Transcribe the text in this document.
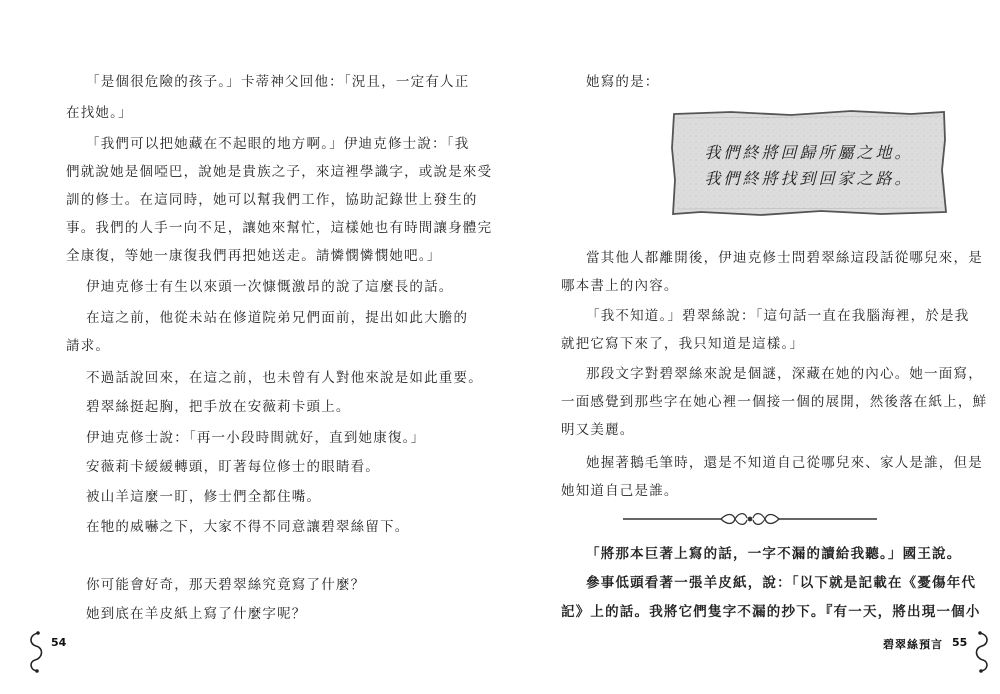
「是個很危險的孩子。」卡蒂神父回他：「況且，一定有人正

在找她。」

「我們可以把她藏在不起眼的地方啊。」伊迪克修士說：「我

們就說她是個啞巴，說她是貴族之子，來這裡學識字，或說是來受

訓的修士。在這同時，她可以幫我們工作，協助記錄世上發生的

事。我們的人手一向不足，讓她來幫忙，這樣她也有時間讓身體完

全康復，等她一康復我們再把她送走。請憐憫憐憫她吧。」

伊迪克修士有生以來頭一次慷慨激昂的說了這麼長的話。

在這之前，他從未站在修道院弟兄們面前，提出如此大膽的

請求。

不過話說回來，在這之前，也未曾有人對他來說是如此重要。

碧翠絲挺起胸，把手放在安薇莉卡頭上。

伊迪克修士說：「再一小段時間就好，直到她康復。」

安薇莉卡緩緩轉頭，盯著每位修士的眼睛看。

被山羊這麼一盯，修士們全都住嘴。

在牠的威嚇之下，大家不得不同意讓碧翠絲留下。

你可能會好奇，那天碧翠絲究竟寫了什麼？

她到底在羊皮紙上寫了什麼字呢？

54

她寫的是：

我們終將回歸所屬之地。
我們終將找到回家之路。

當其他人都離開後，伊迪克修士問碧翠絲這段話從哪兒來，是

哪本書上的內容。

「我不知道。」碧翠絲說：「這句話一直在我腦海裡，於是我

就把它寫下來了，我只知道是這樣。」

那段文字對碧翠絲來說是個謎，深藏在她的內心。她一面寫，

一面感覺到那些字在她心裡一個接一個的展開，然後落在紙上，鮮

明又美麗。

她握著鵝毛筆時，還是不知道自己從哪兒來、家人是誰，但是

她知道自己是誰。

「將那本巨著上寫的話，一字不漏的讀給我聽。」國王說。

參事低頭看著一張羊皮紙，說：「以下就是記載在《憂傷年代

記》上的話。我將它們隻字不漏的抄下。『有一天，將出現一個小

碧翠絲預言 55
